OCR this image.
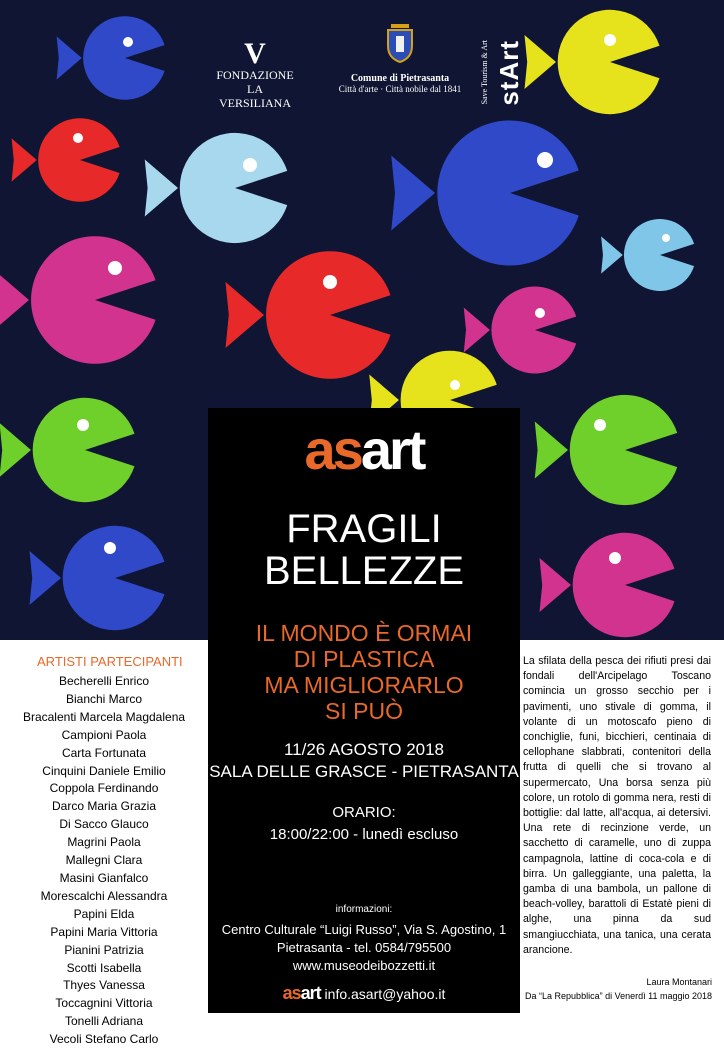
V
FONDAZIONE
LA VERSILIANA
Comune di Pietrasanta
Città d'arte · Città nobile dal 1841	Save Tourism & Art stArt
asart
FRAGILI
BELLEZZE
IL MONDO È ORMAI
DI PLASTICA
MA MIGLIORARLO
SI PUÒ
11/26 AGOSTO 2018
SALA DELLE GRASCE - PIETRASANTA
ORARIO:
18:00/22:00 - lunedì escluso
informazioni:
Centro Culturale “Luigi Russo”, Via S. Agostino, 1
Pietrasanta - tel. 0584/795500
www.museodeibozzetti.it
asart info.asart@yahoo.it
ARTISTI PARTECIPANTI
Becherelli Enrico
Bianchi Marco
Bracalenti Marcela Magdalena
Campioni Paola
Carta Fortunata
Cinquini Daniele Emilio
Coppola Ferdinando
Darco Maria Grazia
Di Sacco Glauco
Magrini Paola
Mallegni Clara
Masini Gianfalco
Morescalchi Alessandra
Papini Elda
Papini Maria Vittoria
Pianini Patrizia
Scotti Isabella
Thyes Vanessa
Toccagnini Vittoria
Tonelli Adriana
Vecoli Stefano Carlo
La sfilata della pesca dei rifiuti presi dai fondali dell'Arcipelago Toscano comincia un grosso secchio per i pavimenti, uno stivale di gomma, il volante di un motoscafo pieno di conchiglie, funi, bicchieri, centinaia di cellophane slabbrati, contenitori della frutta di quelli che si trovano al supermercato, Una borsa senza più colore, un rotolo di gomma nera, resti di bottiglie: dal latte, all'acqua, ai detersivi. Una rete di recinzione verde, un sacchetto di caramelle, uno di zuppa campagnola, lattine di coca-cola e di birra. Un galleggiante, una paletta, la gamba di una bambola, un pallone di beach-volley, barattoli di Estatè pieni di alghe, una pinna da sud smangiucchiata, una tanica, una cerata arancione.
Laura Montanari
Da “La Repubblica” di Venerdì 11 maggio 2018
